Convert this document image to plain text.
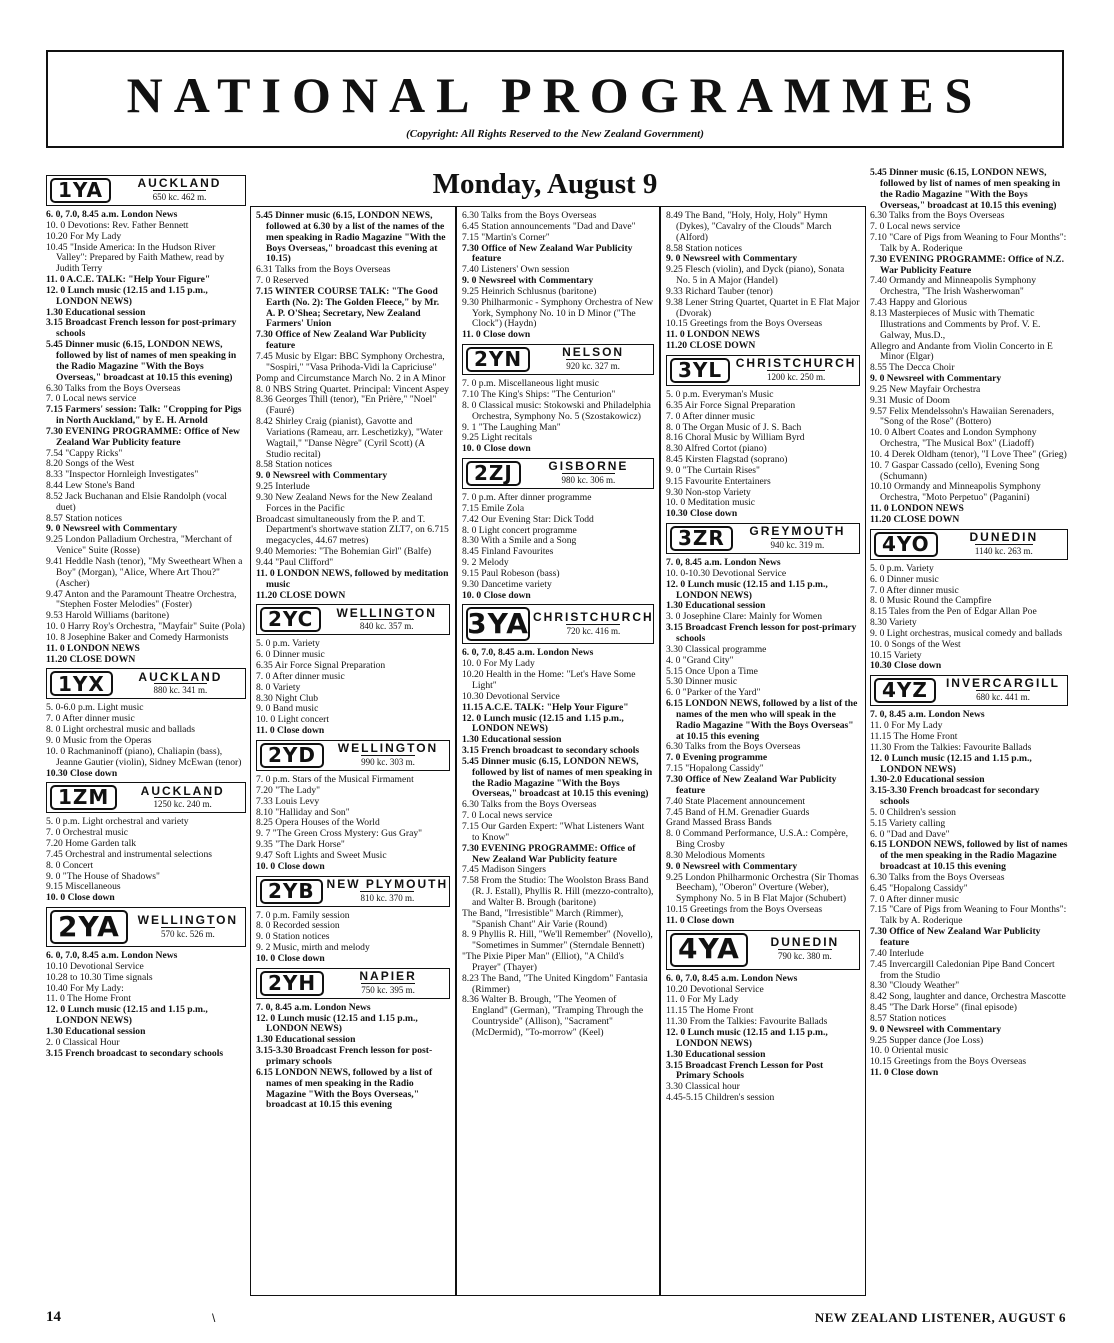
NATIONAL PROGRAMMES
(Copyright: All Rights Reserved to the New Zealand Government)
Monday, August 9
1YA	AUCKLAND
650 kc. 462 m.
6. 0, 7.0, 8.45 a.m. London News
10. 0 Devotions: Rev. Father Bennett
10.20 For My Lady
10.45 "Inside America: In the Hudson River Valley": Prepared by Faith Mathew, read by Judith Terry
11. 0 A.C.E. TALK: "Help Your Figure"
12. 0 Lunch music (12.15 and 1.15 p.m., LONDON NEWS)
1.30 Educational session
3.15 Broadcast French lesson for post-primary schools
5.45 Dinner music (6.15, LONDON NEWS, followed by list of names of men speaking in the Radio Magazine "With the Boys Overseas," broadcast at 10.15 this evening)
6.30 Talks from the Boys Overseas
7. 0 Local news service
7.15 Farmers' session: Talk: "Cropping for Pigs in North Auckland," by E. H. Arnold
7.30 EVENING PROGRAMME: Office of New Zealand War Publicity feature
7.54 "Cappy Ricks"
8.20 Songs of the West
8.33 "Inspector Hornleigh Investigates"
8.44 Lew Stone's Band
8.52 Jack Buchanan and Elsie Randolph (vocal duet)
8.57 Station notices
9. 0 Newsreel with Commentary
9.25 London Palladium Orchestra, "Merchant of Venice" Suite (Rosse)
9.41 Heddle Nash (tenor), "My Sweetheart When a Boy" (Morgan), "Alice, Where Art Thou?" (Ascher)
9.47 Anton and the Paramount Theatre Orchestra, "Stephen Foster Melodies" (Foster)
9.53 Harold Williams (baritone)
10. 0 Harry Roy's Orchestra, "Mayfair" Suite (Pola)
10. 8 Josephine Baker and Comedy Harmonists
11. 0 LONDON NEWS
11.20 CLOSE DOWN
1YX	AUCKLAND
880 kc. 341 m.
5. 0-6.0 p.m. Light music
7. 0 After dinner music
8. 0 Light orchestral music and ballads
9. 0 Music from the Operas
10. 0 Rachmaninoff (piano), Chaliapin (bass), Jeanne Gautier (violin), Sidney McEwan (tenor)
10.30 Close down
1ZM	AUCKLAND
1250 kc. 240 m.
5. 0 p.m. Light orchestral and variety
7. 0 Orchestral music
7.20 Home Garden talk
7.45 Orchestral and instrumental selections
8. 0 Concert
9. 0 "The House of Shadows"
9.15 Miscellaneous
10. 0 Close down
2YA	WELLINGTON
570 kc. 526 m.
6. 0, 7.0, 8.45 a.m. London News
10.10 Devotional Service
10.28 to 10.30 Time signals
10.40 For My Lady:
11. 0 The Home Front
12. 0 Lunch music (12.15 and 1.15 p.m., LONDON NEWS)
1.30 Educational session
2. 0 Classical Hour
3.15 French broadcast to secondary schools
5.45 Dinner music (6.15, LONDON NEWS, followed at 6.30 by a list of the names of the men speaking in Radio Magazine "With the Boys Overseas," broadcast this evening at 10.15)
6.31 Talks from the Boys Overseas
7. 0 Reserved
7.15 WINTER COURSE TALK: "The Good Earth (No. 2): The Golden Fleece," by Mr. A. P. O'Shea; Secretary, New Zealand Farmers' Union
7.30 Office of New Zealand War Publicity feature
7.45 Music by Elgar: BBC Symphony Orchestra, "Sospiri," "Vasa Prihoda-Vidi la Capriciuse"
Pomp and Circumstance March No. 2 in A Minor
8. 0 NBS String Quartet. Principal: Vincent Aspey
8.36 Georges Thill (tenor), "En Prière," "Noel" (Fauré)
8.42 Shirley Craig (pianist), Gavotte and Variations (Rameau, arr. Leschetizky), "Water Wagtail," "Danse Nègre" (Cyril Scott) (A Studio recital)
8.58 Station notices
9. 0 Newsreel with Commentary
9.25 Interlude
9.30 New Zealand News for the New Zealand Forces in the Pacific
Broadcast simultaneously from the P. and T. Department's shortwave station ZLT7, on 6.715 megacycles, 44.67 metres)
9.40 Memories: "The Bohemian Girl" (Balfe)
9.44 "Paul Clifford"
11. 0 LONDON NEWS, followed by meditation music
11.20 CLOSE DOWN
2YC	WELLINGTON
840 kc. 357 m.
5. 0 p.m. Variety
6. 0 Dinner music
6.35 Air Force Signal Preparation
7. 0 After dinner music
8. 0 Variety
8.30 Night Club
9. 0 Band music
10. 0 Light concert
11. 0 Close down
2YD	WELLINGTON
990 kc. 303 m.
7. 0 p.m. Stars of the Musical Firmament
7.20 "The Lady"
7.33 Louis Levy
8.10 "Halliday and Son"
8.25 Opera Houses of the World
9. 7 "The Green Cross Mystery: Gus Gray"
9.35 "The Dark Horse"
9.47 Soft Lights and Sweet Music
10. 0 Close down
2YB NEW PLYMOUTH
810 kc. 370 m.
7. 0 p.m. Family session
8. 0 Recorded session
9. 0 Station notices
9. 2 Music, mirth and melody
10. 0 Close down
2YH	NAPIER
750 kc. 395 m.
7. 0, 8.45 a.m. London News
12. 0 Lunch music (12.15 and 1.15 p.m., LONDON NEWS)
1.30 Educational session
3.15-3.30 Broadcast French lesson for post-primary schools
6.15 LONDON NEWS, followed by a list of names of men speaking in the Radio Magazine "With the Boys Overseas," broadcast at 10.15 this evening
6.30 Talks from the Boys Overseas
6.45 Station announcements "Dad and Dave"
7.15 "Martin's Corner"
7.30 Office of New Zealand War Publicity feature
7.40 Listeners' Own session
9. 0 Newsreel with Commentary
9.25 Heinrich Schlusnus (baritone)
9.30 Philharmonic - Symphony Orchestra of New York, Symphony No. 10 in D Minor ("The Clock") (Haydn)
11. 0 Close down
2YN	NELSON
920 kc. 327 m.
7. 0 p.m. Miscellaneous light music
7.10 The King's Ships: "The Centurion"
8. 0 Classical music: Stokowski and Philadelphia Orchestra, Symphony No. 5 (Szostakowicz)
9. 1 "The Laughing Man"
9.25 Light recitals
10. 0 Close down
2ZJ	GISBORNE
980 kc. 306 m.
7. 0 p.m. After dinner programme
7.15 Emile Zola
7.42 Our Evening Star: Dick Todd
8. 0 Light concert programme
8.30 With a Smile and a Song
8.45 Finland Favourites
9. 2 Melody
9.15 Paul Robeson (bass)
9.30 Dancetime variety
10. 0 Close down
3YA CHRISTCHURCH
720 kc. 416 m.
6. 0, 7.0, 8.45 a.m. London News
10. 0 For My Lady
10.20 Health in the Home: "Let's Have Some Light"
10.30 Devotional Service
11.15 A.C.E. TALK: "Help Your Figure"
12. 0 Lunch music (12.15 and 1.15 p.m., LONDON NEWS)
1.30 Educational session
3.15 French broadcast to secondary schools
5.45 Dinner music (6.15, LONDON NEWS, followed by list of names of men speaking in the Radio Magazine "With the Boys Overseas," broadcast at 10.15 this evening)
6.30 Talks from the Boys Overseas
7. 0 Local news service
7.15 Our Garden Expert: "What Listeners Want to Know"
7.30 EVENING PROGRAMME: Office of New Zealand War Publicity feature
7.45 Madison Singers
7.58 From the Studio: The Woolston Brass Band (R. J. Estall), Phyllis R. Hill (mezzo-contralto), and Walter B. Brough (baritone)
The Band, "Irresistible" March (Rimmer), "Spanish Chant" Air Varie (Round)
8. 9 Phyllis R. Hill, "We'll Remember" (Novello), "Sometimes in Summer" (Sterndale Bennett)
"The Pixie Piper Man" (Elliot), "A Child's Prayer" (Thayer)
8.23 The Band, "The United Kingdom" Fantasia (Rimmer)
8.36 Walter B. Brough, "The Yeomen of England" (German), "Tramping Through the Countryside" (Allison), "Sacrament" (McDermid), "To-morrow" (Keel)
8.49 The Band, "Holy, Holy, Holy" Hymn (Dykes), "Cavalry of the Clouds" March (Alford)
8.58 Station notices
9. 0 Newsreel with Commentary
9.25 Flesch (violin), and Dyck (piano), Sonata No. 5 in A Major (Handel)
9.33 Richard Tauber (tenor)
9.38 Lener String Quartet, Quartet in E Flat Major (Dvorak)
10.15 Greetings from the Boys Overseas
11. 0 LONDON NEWS
11.20 CLOSE DOWN
3YL	CHRISTCHURCH
1200 kc. 250 m.
5. 0 p.m. Everyman's Music
6.35 Air Force Signal Preparation
7. 0 After dinner music
8. 0 The Organ Music of J. S. Bach
8.16 Choral Music by William Byrd
8.30 Alfred Cortot (piano)
8.45 Kirsten Flagstad (soprano)
9. 0 "The Curtain Rises"
9.15 Favourite Entertainers
9.30 Non-stop Variety
10. 0 Meditation music
10.30 Close down
3ZR	GREYMOUTH
940 kc. 319 m.
7. 0, 8.45 a.m. London News
10. 0-10.30 Devotional Service
12. 0 Lunch music (12.15 and 1.15 p.m., LONDON NEWS)
1.30 Educational session
3. 0 Josephine Clare: Mainly for Women
3.15 Broadcast French lesson for post-primary schools
3.30 Classical programme
4. 0 "Grand City"
5.15 Once Upon a Time
5.30 Dinner music
6. 0 "Parker of the Yard"
6.15 LONDON NEWS, followed by a list of the names of the men who will speak in the Radio Magazine "With the Boys Overseas" at 10.15 this evening
6.30 Talks from the Boys Overseas
7. 0 Evening programme
7.15 "Hopalong Cassidy"
7.30 Office of New Zealand War Publicity feature
7.40 State Placement announcement
7.45 Band of H.M. Grenadier Guards
Grand Massed Brass Bands
8. 0 Command Performance, U.S.A.: Compère, Bing Crosby
8.30 Melodious Moments
9. 0 Newsreel with Commentary
9.25 London Philharmonic Orchestra (Sir Thomas Beecham), "Oberon" Overture (Weber), Symphony No. 5 in B Flat Major (Schubert)
10.15 Greetings from the Boys Overseas
11. 0 Close down
4YA	DUNEDIN
790 kc. 380 m.
6. 0, 7.0, 8.45 a.m. London News
10.20 Devotional Service
11. 0 For My Lady
11.15 The Home Front
11.30 From the Talkies: Favourite Ballads
12. 0 Lunch music (12.15 and 1.15 p.m., LONDON NEWS)
1.30 Educational session
3.15 Broadcast French Lesson for Post Primary Schools
3.30 Classical hour
4.45-5.15 Children's session
5.45 Dinner music (6.15, LONDON NEWS, followed by list of names of men speaking in the Radio Magazine "With the Boys Overseas," broadcast at 10.15 this evening)
6.30 Talks from the Boys Overseas
7. 0 Local news service
7.10 "Care of Pigs from Weaning to Four Months": Talk by A. Roderique
7.30 EVENING PROGRAMME: Office of N.Z. War Publicity Feature
7.40 Ormandy and Minneapolis Symphony Orchestra, "The Irish Washerwoman"
7.43 Happy and Glorious
8.13 Masterpieces of Music with Thematic Illustrations and Comments by Prof. V. E. Galway, Mus.D.,
Allegro and Andante from Violin Concerto in E Minor (Elgar)
8.55 The Decca Choir
9. 0 Newsreel with Commentary
9.25 New Mayfair Orchestra
9.31 Music of Doom
9.57 Felix Mendelssohn's Hawaiian Serenaders, "Song of the Rose" (Bottero)
10. 0 Albert Coates and London Symphony Orchestra, "The Musical Box" (Liadoff)
10. 4 Derek Oldham (tenor), "I Love Thee" (Grieg)
10. 7 Gaspar Cassado (cello), Evening Song (Schumann)
10.10 Ormandy and Minneapolis Symphony Orchestra, "Moto Perpetuo" (Paganini)
11. 0 LONDON NEWS
11.20 CLOSE DOWN
4YO	DUNEDIN
1140 kc. 263 m.
5. 0 p.m. Variety
6. 0 Dinner music
7. 0 After dinner music
8. 0 Music Round the Campfire
8.15 Tales from the Pen of Edgar Allan Poe
8.30 Variety
9. 0 Light orchestras, musical comedy and ballads
10. 0 Songs of the West
10.15 Variety
10.30 Close down
4YZ	INVERCARGILL
680 kc. 441 m.
7. 0, 8.45 a.m. London News
11. 0 For My Lady
11.15 The Home Front
11.30 From the Talkies: Favourite Ballads
12. 0 Lunch music (12.15 and 1.15 p.m., LONDON NEWS)
1.30-2.0 Educational session
3.15-3.30 French broadcast for secondary schools
5. 0 Children's session
5.15 Variety calling
6. 0 "Dad and Dave"
6.15 LONDON NEWS, followed by list of names of the men speaking in the Radio Magazine broadcast at 10.15 this evening
6.30 Talks from the Boys Overseas
6.45 "Hopalong Cassidy"
7. 0 After dinner music
7.15 "Care of Pigs from Weaning to Four Months": Talk by A. Roderique
7.30 Office of New Zealand War Publicity feature
7.40 Interlude
7.45 Invercargill Caledonian Pipe Band Concert from the Studio
8.30 "Cloudy Weather"
8.42 Song, laughter and dance, Orchestra Mascotte
8.45 "The Dark Horse" (final episode)
8.57 Station notices
9. 0 Newsreel with Commentary
9.25 Supper dance (Joe Loss)
10. 0 Oriental music
10.15 Greetings from the Boys Overseas
11. 0 Close down
14	\	NEW ZEALAND LISTENER, AUGUST 6
